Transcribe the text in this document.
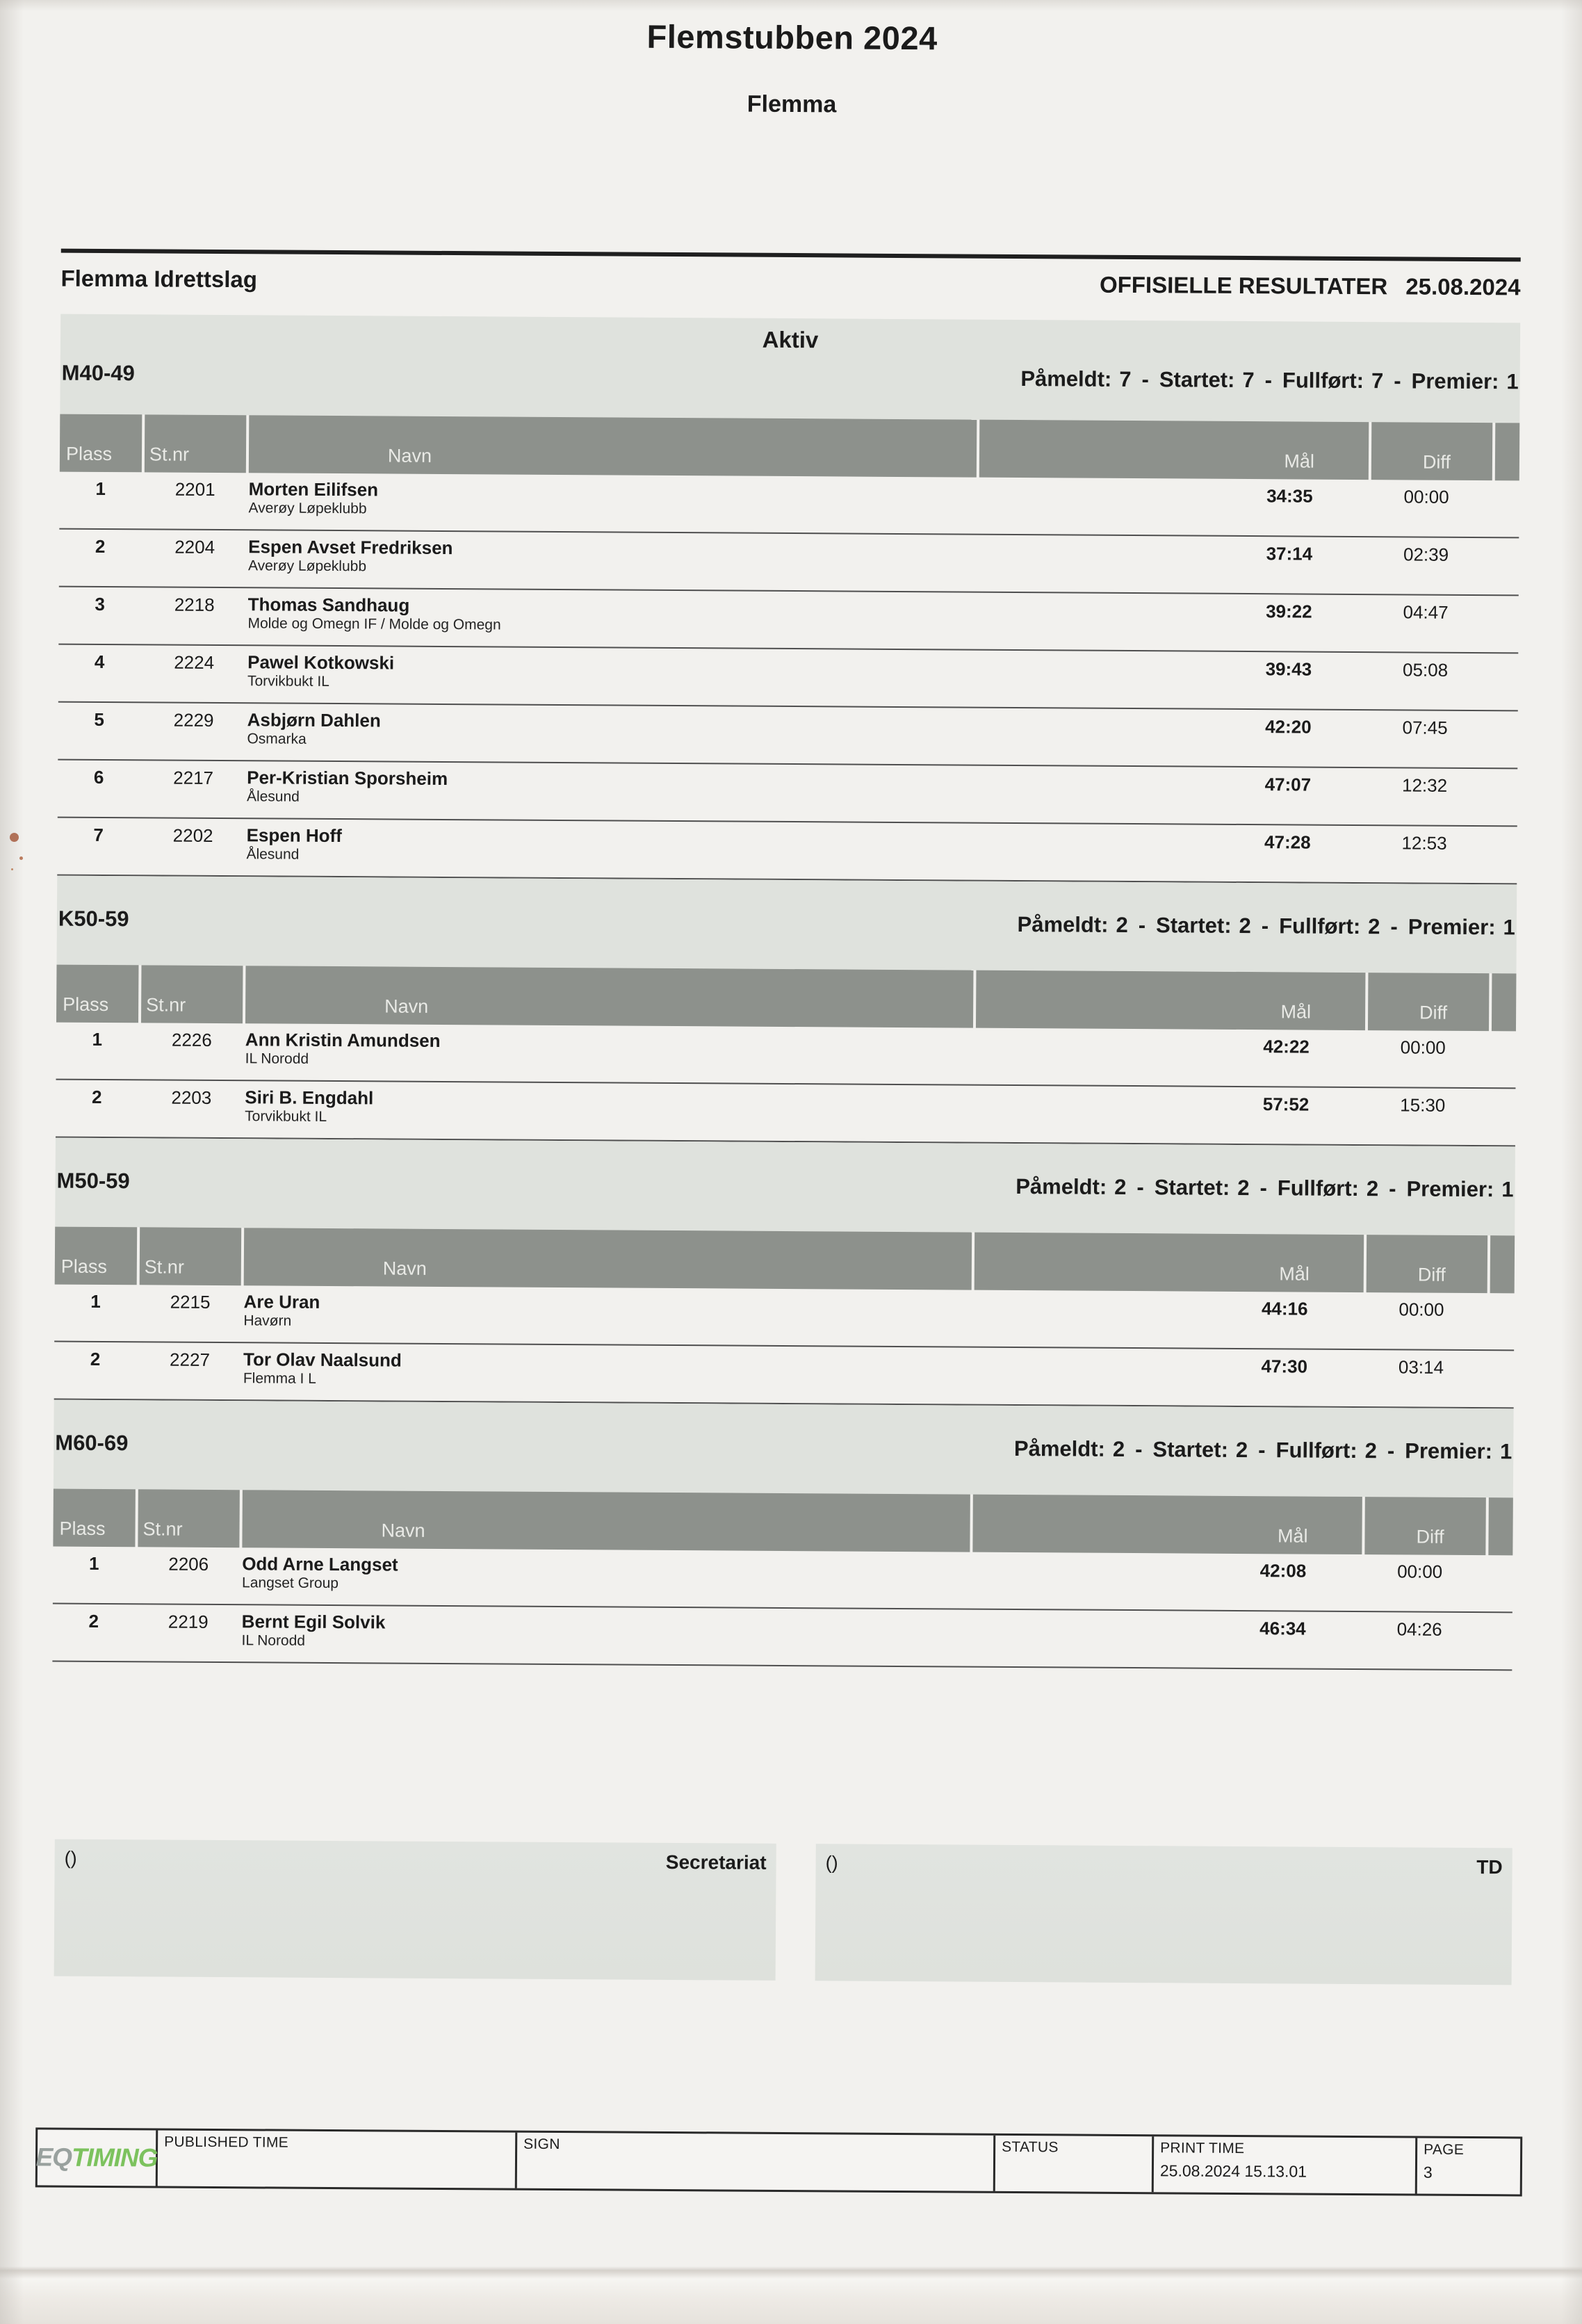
Flemstubben 2024
Flemma
Flemma Idrettslag	OFFISIELLE RESULTATER 25.08.2024
Aktiv
M40-49	Påmeldt: 7 - Startet: 7 - Fullført: 7 - Premier: 1
Plass	St.nr	Navn	Mål	Diff
1	2201	Morten Eilifsen
Averøy Løpeklubb
34:35	00:00
2	2204	Espen Avset Fredriksen
Averøy Løpeklubb
37:14	02:39
3	2218	Thomas Sandhaug
Molde og Omegn IF / Molde og Omegn
39:22	04:47
4	2224	Pawel Kotkowski
Torvikbukt IL
39:43	05:08
5	2229	Asbjørn Dahlen
Osmarka
42:20	07:45
6	2217	Per-Kristian Sporsheim
Ålesund
47:07	12:32
7	2202	Espen Hoff
Ålesund
47:28	12:53
K50-59	Påmeldt: 2 - Startet: 2 - Fullført: 2 - Premier: 1
Plass	St.nr	Navn	Mål	Diff
1	2226	Ann Kristin Amundsen
IL Norodd
42:22	00:00
2	2203	Siri B. Engdahl
Torvikbukt IL
57:52	15:30
M50-59	Påmeldt: 2 - Startet: 2 - Fullført: 2 - Premier: 1
Plass	St.nr	Navn	Mål	Diff
1	2215	Are Uran
Havørn
44:16	00:00
2	2227	Tor Olav Naalsund
Flemma I L
47:30	03:14
M60-69	Påmeldt: 2 - Startet: 2 - Fullført: 2 - Premier: 1
Plass	St.nr	Navn	Mål	Diff
1	2206	Odd Arne Langset
Langset Group
42:08	00:00
2	2219	Bernt Egil Solvik
IL Norodd
46:34	04:26
()	Secretariat	()	TD
EQ TIMING
PUBLISHED TIME	SIGN	STATUS	PRINT TIME
25.08.2024 15.13.01
PAGE
3
